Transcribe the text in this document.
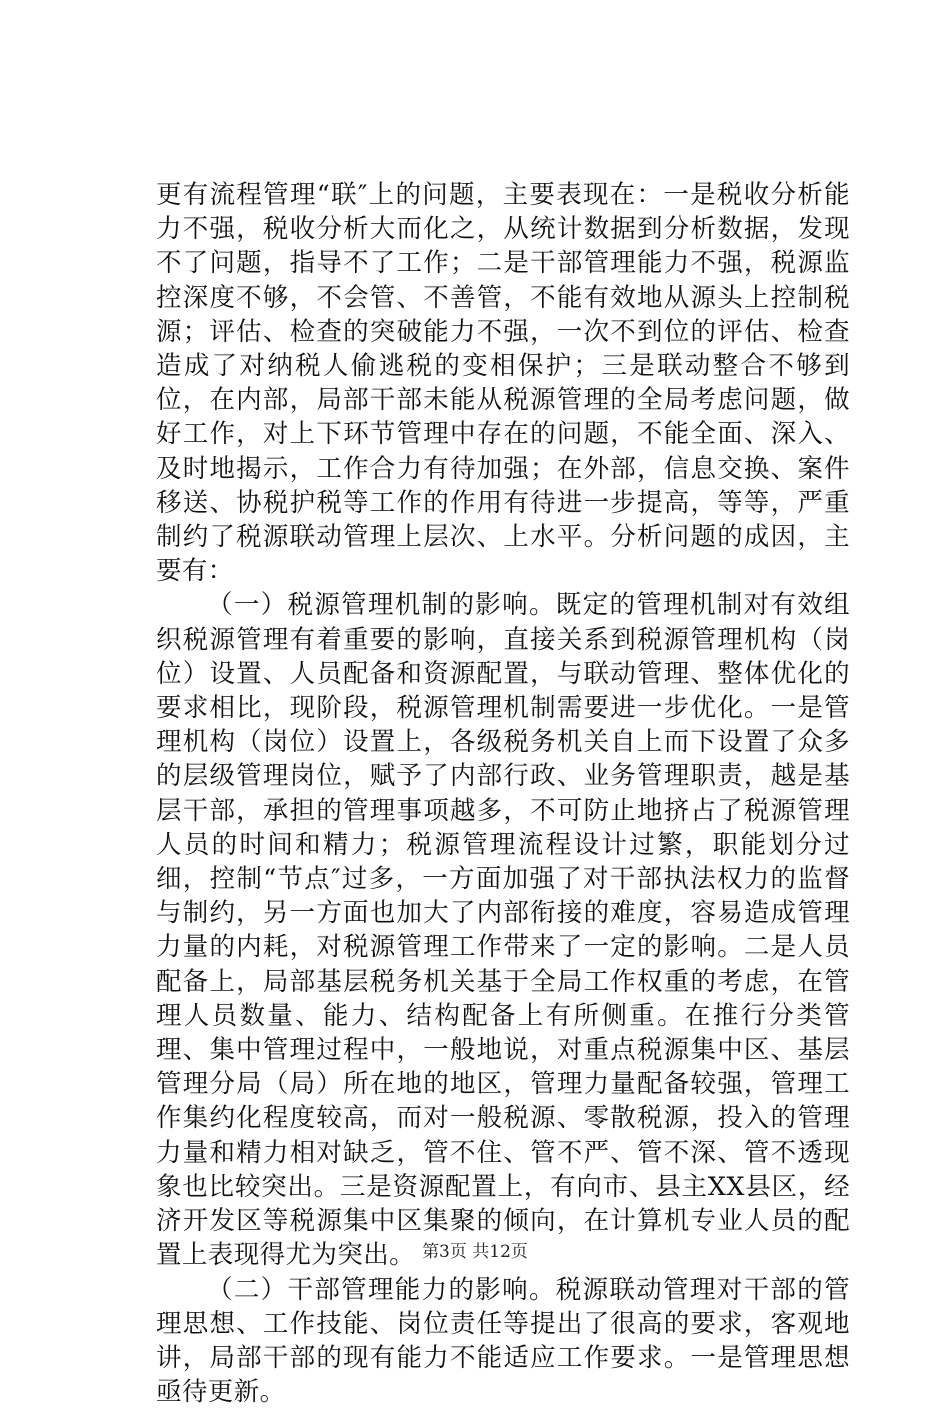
更有流程管理“联″上的问题，主要表现在：一是税收分析能力不强，税收分析大而化之，从统计数据到分析数据，发现不了问题，指导不了工作；二是干部管理能力不强，税源监控深度不够，不会管、不善管，不能有效地从源头上控制税源；评估、检查的突破能力不强，一次不到位的评估、检查造成了对纳税人偷逃税的变相保护；三是联动整合不够到位，在内部，局部干部未能从税源管理的全局考虑问题，做好工作，对上下环节管理中存在的问题，不能全面、深入、及时地揭示，工作合力有待加强；在外部，信息交换、案件移送、协税护税等工作的作用有待进一步提高，等等，严重制约了税源联动管理上层次、上水平。分析问题的成因，主要有：

（一）税源管理机制的影响。既定的管理机制对有效组织税源管理有着重要的影响，直接关系到税源管理机构（岗位）设置、人员配备和资源配置，与联动管理、整体优化的要求相比，现阶段，税源管理机制需要进一步优化。一是管理机构（岗位）设置上，各级税务机关自上而下设置了众多的层级管理岗位，赋予了内部行政、业务管理职责，越是基层干部，承担的管理事项越多，不可防止地挤占了税源管理人员的时间和精力；税源管理流程设计过繁，职能划分过细，控制“节点″过多，一方面加强了对干部执法权力的监督与制约，另一方面也加大了内部衔接的难度，容易造成管理力量的内耗，对税源管理工作带来了一定的影响。二是人员配备上，局部基层税务机关基于全局工作权重的考虑，在管理人员数量、能力、结构配备上有所侧重。在推行分类管理、集中管理过程中，一般地说，对重点税源集中区、基层管理分局（局）所在地的地区，管理力量配备较强，管理工作集约化程度较高，而对一般税源、零散税源，投入的管理力量和精力相对缺乏，管不住、管不严、管不深、管不透现象也比较突出。三是资源配置上，有向市、县主XX县区，经济开发区等税源集中区集聚的倾向，在计算机专业人员的配置上表现得尤为突出。

（二）干部管理能力的影响。税源联动管理对干部的管理思想、工作技能、岗位责任等提出了很高的要求，客观地讲，局部干部的现有能力不能适应工作要求。一是管理思想亟待更新。

第3页 共12页
